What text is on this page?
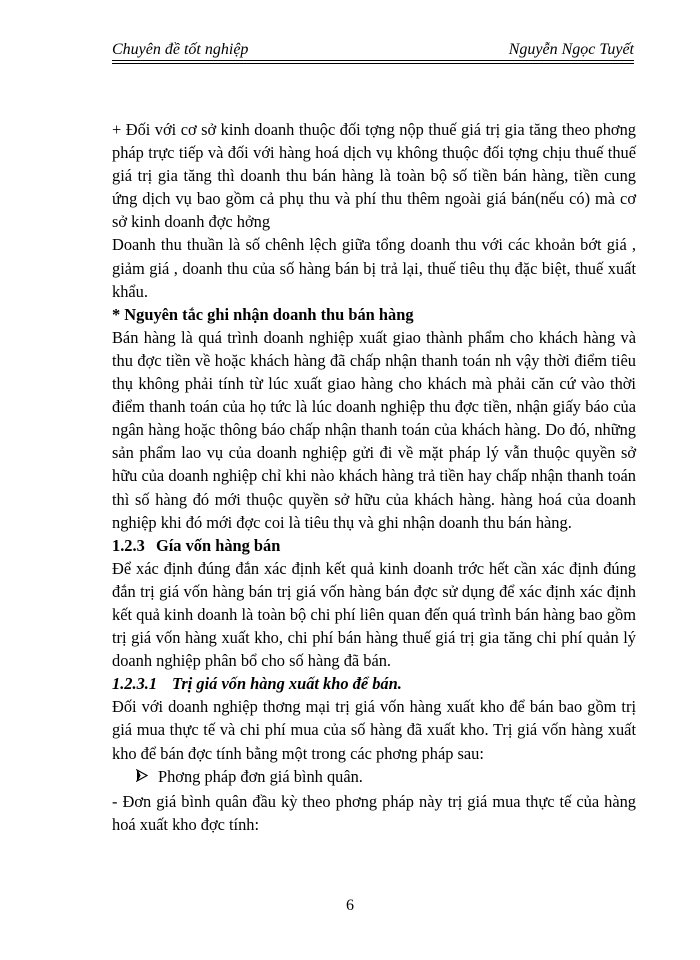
Chuyên đề tốt nghiệp	Nguyễn Ngọc Tuyết

+ Đối với cơ sở kinh doanh thuộc đối tợng nộp thuế giá trị gia tăng theo phơng pháp trực tiếp và đối với hàng hoá dịch vụ không thuộc đối tợng chịu thuế thuế giá trị gia tăng thì doanh thu bán hàng là toàn bộ số tiền bán hàng, tiền cung ứng dịch vụ bao gồm cả phụ thu và phí thu thêm ngoài giá bán(nếu có) mà cơ sở kinh doanh đợc hởng

Doanh thu thuần là số chênh lệch giữa tổng doanh thu với các khoản bớt giá , giảm giá , doanh thu của số hàng bán bị trả lại, thuế tiêu thụ đặc biệt, thuế xuất khẩu.

* Nguyên tắc ghi nhận doanh thu bán hàng

Bán hàng là quá trình doanh nghiệp xuất giao thành phẩm cho khách hàng và thu đợc tiền về hoặc khách hàng đã chấp nhận thanh toán nh vậy thời điểm tiêu thụ không phải tính từ lúc xuất giao hàng cho khách mà phải căn cứ vào thời điểm thanh toán của họ tức là lúc doanh nghiệp thu đợc tiền, nhận giấy báo của ngân hàng hoặc thông báo chấp nhận thanh toán của khách hàng. Do đó, những sản phẩm lao vụ của doanh nghiệp gửi đi về mặt pháp lý vẫn thuộc quyền sở hữu của doanh nghiệp chỉ khi nào khách hàng trả tiền hay chấp nhận thanh toán thì số hàng đó mới thuộc quyền sở hữu của khách hàng. hàng hoá của doanh nghiệp khi đó mới đợc coi là tiêu thụ và ghi nhận doanh thu bán hàng.

1.2.3 Gía vốn hàng bán

Để xác định đúng đắn xác định kết quả kinh doanh trớc hết cần xác định đúng đắn trị giá vốn hàng bán trị giá vốn hàng bán đợc sử dụng để xác định xác định kết quả kinh doanh là toàn bộ chi phí liên quan đến quá trình bán hàng bao gồm trị giá vốn hàng xuất kho, chi phí bán hàng thuế giá trị gia tăng chi phí quản lý doanh nghiệp phân bổ cho số hàng đã bán.

1.2.3.1 Trị giá vốn hàng xuất kho để bán.

Đối với doanh nghiệp thơng mại trị giá vốn hàng xuất kho để bán bao gồm trị giá mua thực tế và chi phí mua của số hàng đã xuất kho. Trị giá vốn hàng xuất kho để bán đợc tính bằng một trong các phơng pháp sau:

Phơng pháp đơn giá bình quân.

- Đơn giá bình quân đầu kỳ theo phơng pháp này trị giá mua thực tế của hàng hoá xuất kho đợc tính:

6
